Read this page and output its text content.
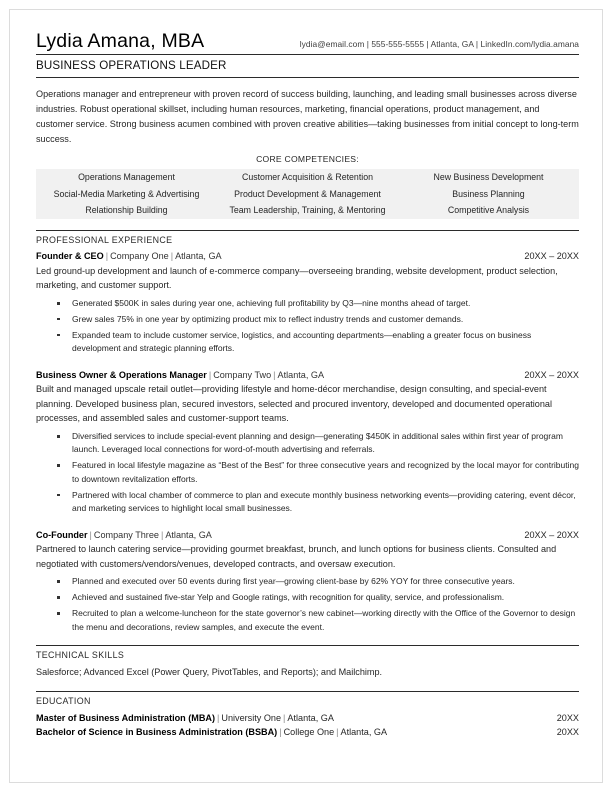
Lydia Amana, MBA	lydia@email.com | 555-555-5555 | Atlanta, GA | LinkedIn.com/lydia.amana
BUSINESS OPERATIONS LEADER
Operations manager and entrepreneur with proven record of success building, launching, and leading small businesses across diverse industries. Robust operational skillset, including human resources, marketing, financial operations, product management, and customer service. Strong business acumen combined with proven creative abilities—taking businesses from initial concept to long-term success.
CORE COMPETENCIES:
Operations Management	Customer Acquisition & Retention	New Business Development
Social-Media Marketing & Advertising	Product Development & Management	Business Planning
Relationship Building	Team Leadership, Training, & Mentoring	Competitive Analysis
PROFESSIONAL EXPERIENCE
Founder & CEO | Company One | Atlanta, GA	20XX – 20XX
Led ground-up development and launch of e-commerce company—overseeing branding, website development, product selection, marketing, and customer support.
Generated $500K in sales during year one, achieving full profitability by Q3—nine months ahead of target.
Grew sales 75% in one year by optimizing product mix to reflect industry trends and customer demands.
Expanded team to include customer service, logistics, and accounting departments—enabling a greater focus on business development and strategic planning efforts.
Business Owner & Operations Manager | Company Two | Atlanta, GA	20XX – 20XX
Built and managed upscale retail outlet—providing lifestyle and home-décor merchandise, design consulting, and special-event planning. Developed business plan, secured investors, selected and procured inventory, developed and documented operational processes, and assembled sales and customer-support teams.
Diversified services to include special-event planning and design—generating $450K in additional sales within first year of program launch. Leveraged local connections for word-of-mouth advertising and referrals.
Featured in local lifestyle magazine as “Best of the Best” for three consecutive years and recognized by the local mayor for contributing to downtown revitalization efforts.
Partnered with local chamber of commerce to plan and execute monthly business networking events—providing catering, event décor, and marketing services to highlight local small businesses.
Co-Founder | Company Three | Atlanta, GA	20XX – 20XX
Partnered to launch catering service—providing gourmet breakfast, brunch, and lunch options for business clients. Consulted and negotiated with customers/vendors/venues, developed contracts, and oversaw execution.
Planned and executed over 50 events during first year—growing client-base by 62% YOY for three consecutive years.
Achieved and sustained five-star Yelp and Google ratings, with recognition for quality, service, and professionalism.
Recruited to plan a welcome-luncheon for the state governor’s new cabinet—working directly with the Office of the Governor to design the menu and decorations, review samples, and execute the event.
TECHNICAL SKILLS
Salesforce; Advanced Excel (Power Query, PivotTables, and Reports); and Mailchimp.
EDUCATION
Master of Business Administration (MBA) | University One | Atlanta, GA	20XX
Bachelor of Science in Business Administration (BSBA) | College One | Atlanta, GA	20XX
